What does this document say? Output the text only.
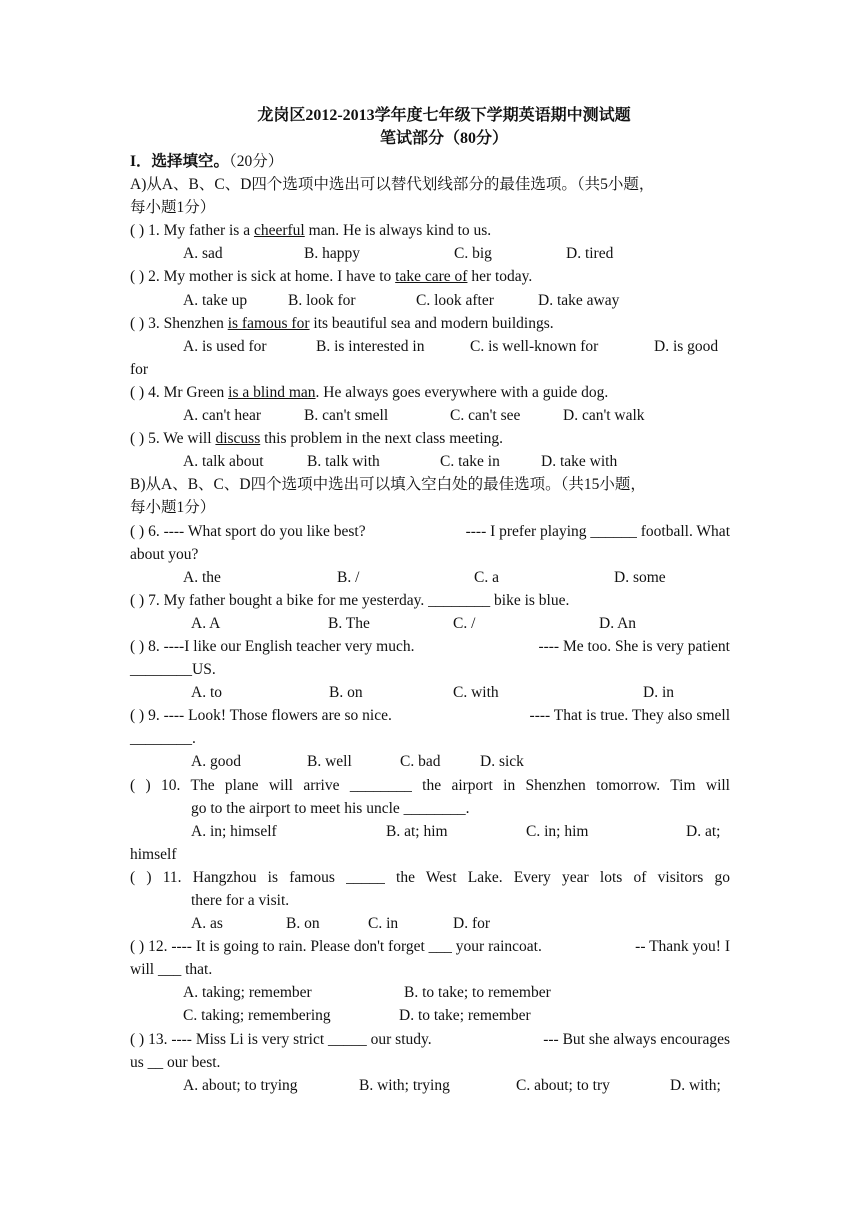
龙岗区2012-2013学年度七年级下学期英语期中测试题
笔试部分（80分）
I．选择填空。（20分）
A)从A、B、C、D四个选项中选出可以替代划线部分的最佳选项。（共5小题，
每小题1分）
( ) 1. My father is a cheerful man. He is always kind to us.
A. sad	B. happy	C. big	D. tired
( ) 2. My mother is sick at home. I have to take care of her today.
A. take up	B. look for	C. look after	D. take away
( ) 3. Shenzhen is famous for its beautiful sea and modern buildings.
A. is used for	B. is interested in	C. is well-known for	D. is good
for
( ) 4. Mr Green is a blind man. He always goes everywhere with a guide dog.
A. can't hear	B. can't smell	C. can't see	D. can't walk
( ) 5. We will discuss this problem in the next class meeting.
A. talk about	B. talk with	C. take in	D. take with
B)从A、B、C、D四个选项中选出可以填入空白处的最佳选项。（共15小题，
每小题1分）
( ) 6. ---- What sport do you like best?	---- I prefer playing ______ football. What
about you?
A. the	B. /	C. a	D. some
( ) 7. My father bought a bike for me yesterday. ________ bike is blue.
A. A	B. The	C. /	D. An
( ) 8. ----I like our English teacher very much.	---- Me too. She is very patient
________US.
A. to	B. on	C. with	D. in
( ) 9. ---- Look! Those flowers are so nice.	---- That is true. They also smell
________.
A. good	B. well	C. bad	D. sick
( ) 10. The plane will arrive ________ the airport in Shenzhen tomorrow. Tim will
go to the airport to meet his uncle ________.
A. in; himself	B. at; him	C. in; him	D. at;
himself
( ) 11. Hangzhou is famous _____ the West Lake. Every year lots of visitors go
there for a visit.
A. as	B. on	C. in	D. for
( ) 12. ---- It is going to rain. Please don't forget ___ your raincoat.	-- Thank you! I
will ___ that.
A. taking; remember	B. to take; to remember
C. taking; remembering	D. to take; remember
( ) 13. ---- Miss Li is very strict _____ our study.	--- But she always encourages
us __ our best.
A. about; to trying	B. with; trying	C. about; to try	D. with;
